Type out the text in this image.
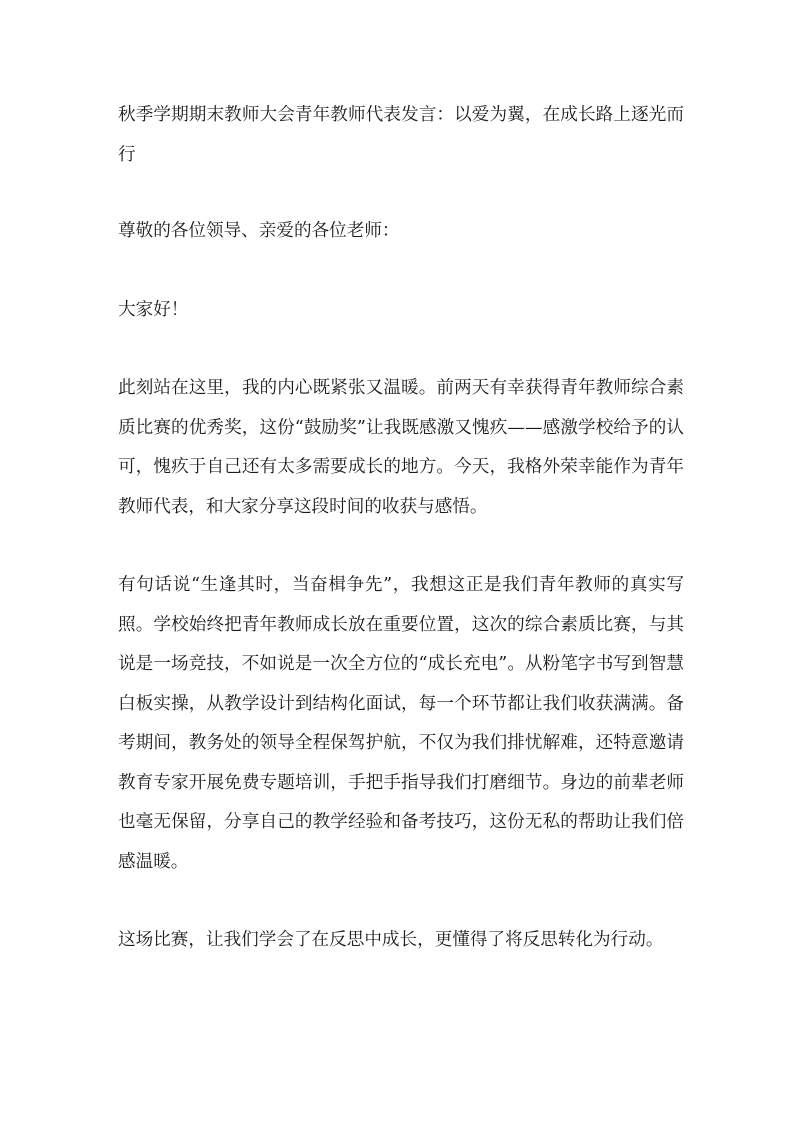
秋季学期期末教师大会青年教师代表发言：以爱为翼，在成长路上逐光而行

尊敬的各位领导、亲爱的各位老师：

大家好！

此刻站在这里，我的内心既紧张又温暖。前两天有幸获得青年教师综合素质比赛的优秀奖，这份“鼓励奖”让我既感激又愧疚——感激学校给予的认可，愧疚于自己还有太多需要成长的地方。今天，我格外荣幸能作为青年教师代表，和大家分享这段时间的收获与感悟。

有句话说“生逢其时，当奋楫争先”，我想这正是我们青年教师的真实写照。学校始终把青年教师成长放在重要位置，这次的综合素质比赛，与其说是一场竞技，不如说是一次全方位的“成长充电”。从粉笔字书写到智慧白板实操，从教学设计到结构化面试，每一个环节都让我们收获满满。备考期间，教务处的领导全程保驾护航，不仅为我们排忧解难，还特意邀请教育专家开展免费专题培训，手把手指导我们打磨细节。身边的前辈老师也毫无保留，分享自己的教学经验和备考技巧，这份无私的帮助让我们倍感温暖。

这场比赛，让我们学会了在反思中成长，更懂得了将反思转化为行动。
